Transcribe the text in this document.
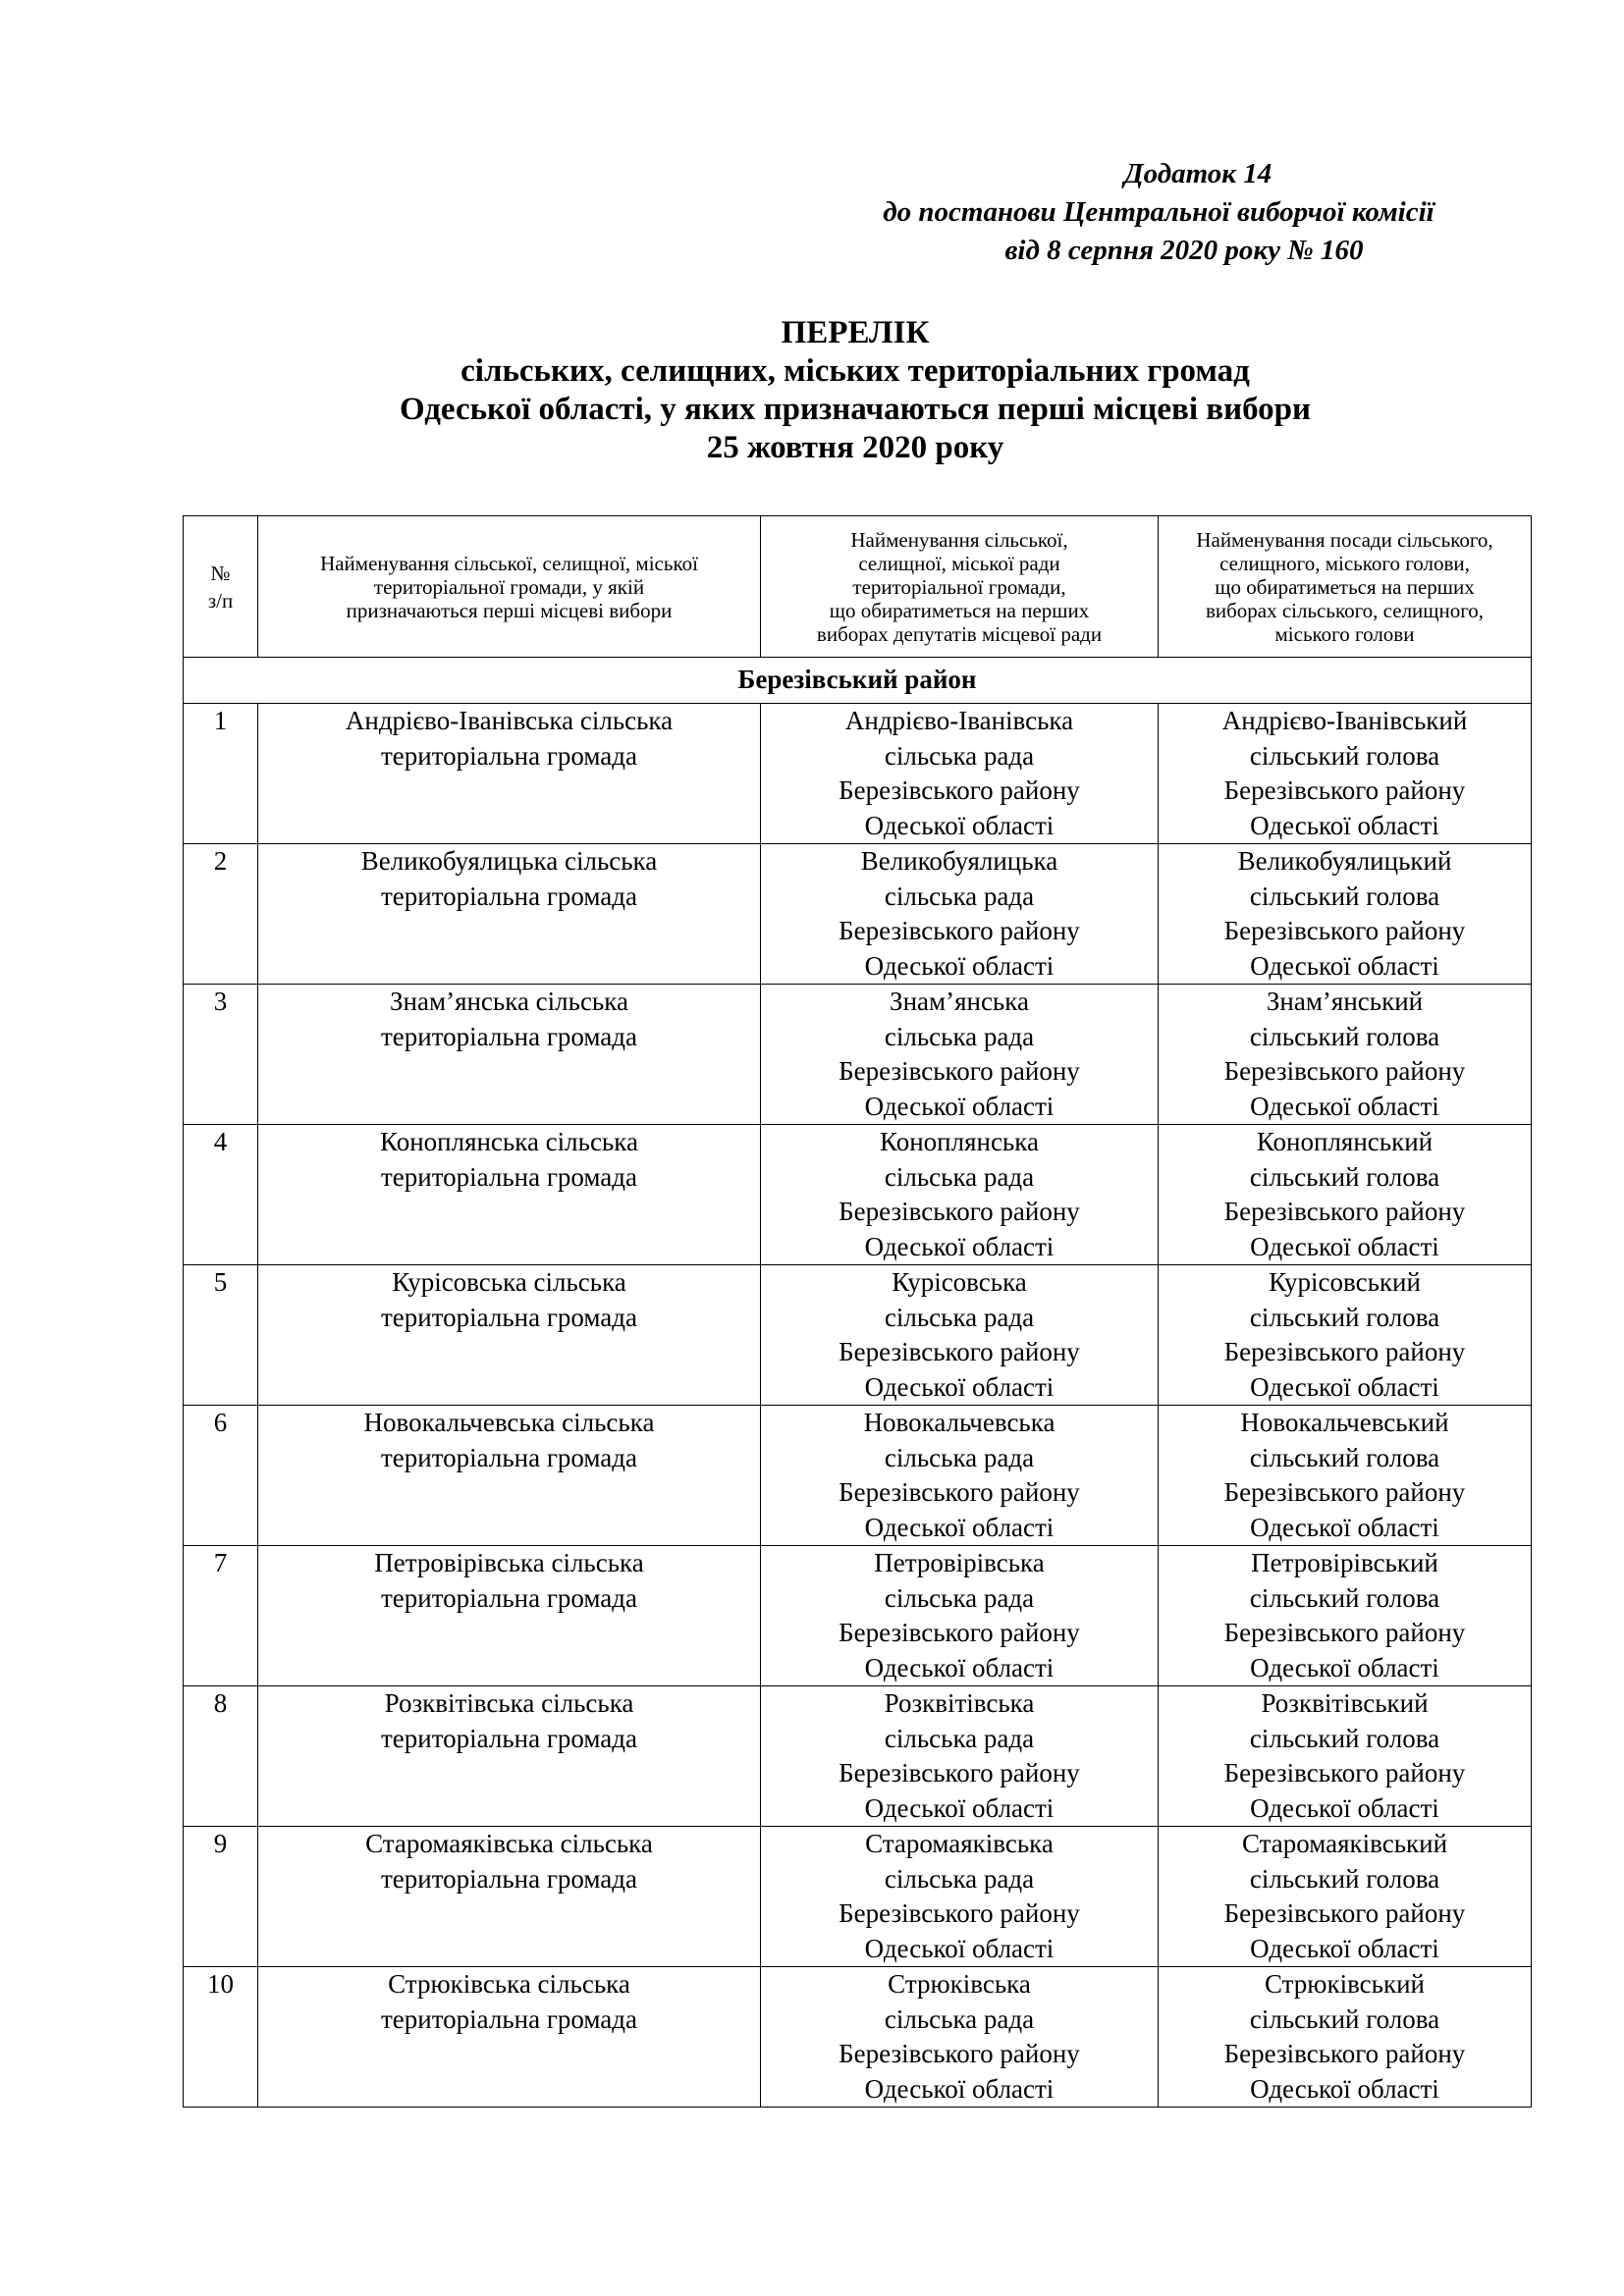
Додаток 14
до постанови Центральної виборчої комісії
від 8 серпня 2020 року № 160
ПЕРЕЛІК
сільських, селищних, міських територіальних громад
Одеської області, у яких призначаються перші місцеві вибори
25 жовтня 2020 року
№
з/п	Найменування сільської, селищної, міської
територіальної громади, у якій
призначаються перші місцеві вибори	Найменування сільської,
селищної, міської ради
територіальної громади,
що обиратиметься на перших
виборах депутатів місцевої ради	Найменування посади сільського,
селищного, міського голови,
що обиратиметься на перших
виборах сільського, селищного,
міського голови
Березівський район			
1	Андрієво-Іванівська сільська
територіальна громада	Андрієво-Іванівська
сільська рада
Березівського району
Одеської області	Андрієво-Іванівський
сільський голова
Березівського району
Одеської області
2	Великобуялицька сільська
територіальна громада	Великобуялицька
сільська рада
Березівського району
Одеської області	Великобуялицький
сільський голова
Березівського району
Одеської області
3	Знам’янська сільська
територіальна громада	Знам’янська
сільська рада
Березівського району
Одеської області	Знам’янський
сільський голова
Березівського району
Одеської області
4	Коноплянська сільська
територіальна громада	Коноплянська
сільська рада
Березівського району
Одеської області	Коноплянський
сільський голова
Березівського району
Одеської області
5	Курісовська сільська
територіальна громада	Курісовська
сільська рада
Березівського району
Одеської області	Курісовський
сільський голова
Березівського району
Одеської області
6	Новокальчевська сільська
територіальна громада	Новокальчевська
сільська рада
Березівського району
Одеської області	Новокальчевський
сільський голова
Березівського району
Одеської області
7	Петровірівська сільська
територіальна громада	Петровірівська
сільська рада
Березівського району
Одеської області	Петровірівський
сільський голова
Березівського району
Одеської області
8	Розквітівська сільська
територіальна громада	Розквітівська
сільська рада
Березівського району
Одеської області	Розквітівський
сільський голова
Березівського району
Одеської області
9	Старомаяківська сільська
територіальна громада	Старомаяківська
сільська рада
Березівського району
Одеської області	Старомаяківський
сільський голова
Березівського району
Одеської області
10	Стрюківська сільська
територіальна громада	Стрюківська
сільська рада
Березівського району
Одеської області	Стрюківський
сільський голова
Березівського району
Одеської області
